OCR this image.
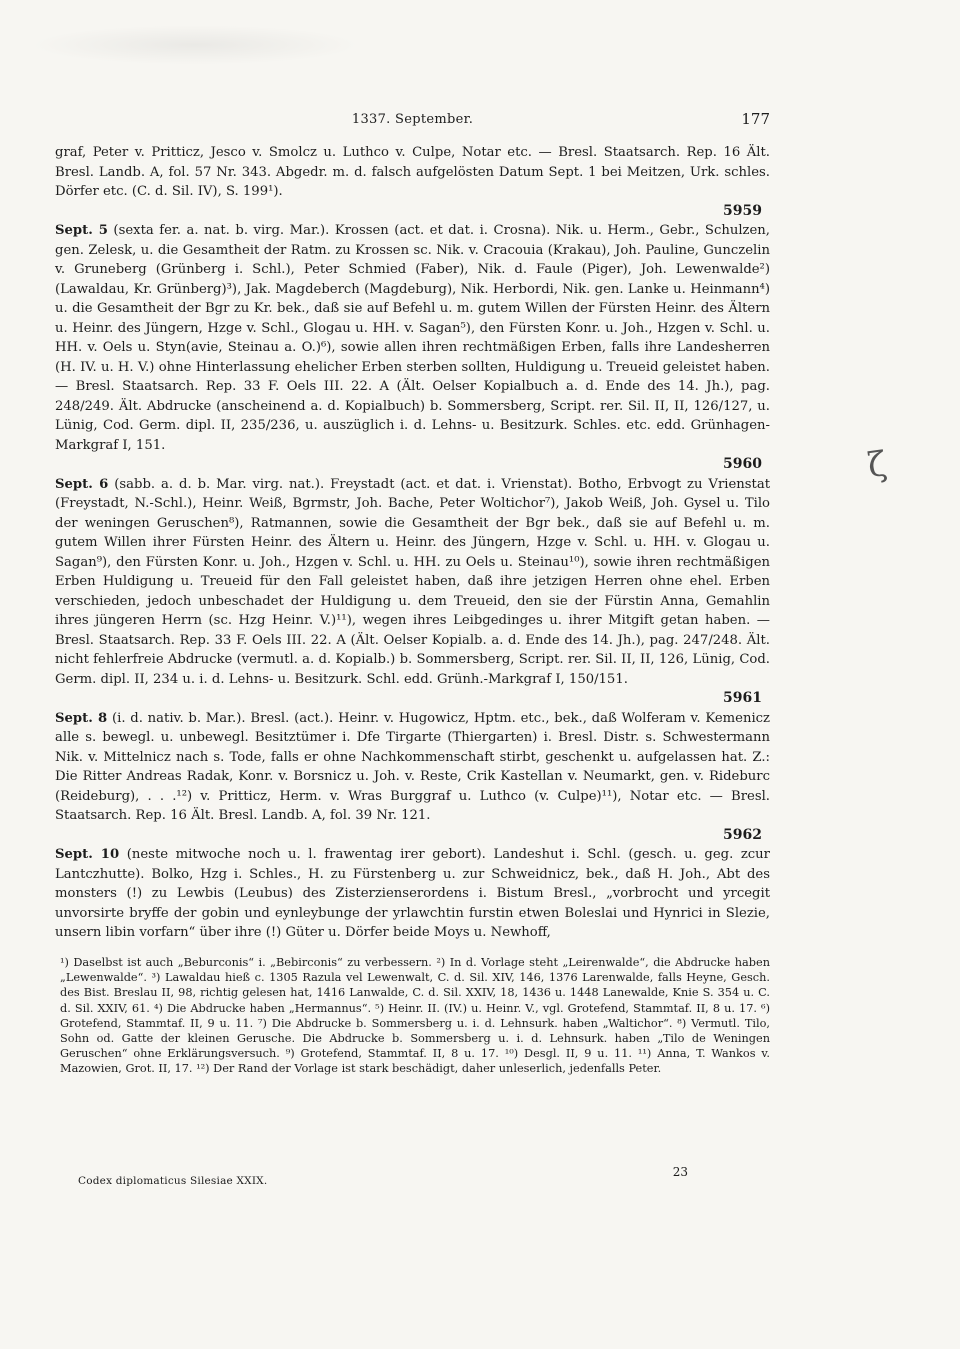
1337. September.	177
ζ

graf, Peter v. Pritticz, Jesco v. Smolcz u. Luthco v. Culpe, Notar etc. — Bresl. Staatsarch. Rep. 16 Ält. Bresl. Landb. A, fol. 57 Nr. 343. Abgedr. m. d. falsch aufgelösten Datum Sept. 1 bei Meitzen, Urk. schles. Dörfer etc. (C. d. Sil. IV), S. 199¹).
5959

Sept. 5 (sexta fer. a. nat. b. virg. Mar.). Krossen (act. et dat. i. Crosna). Nik. u. Herm., Gebr., Schulzen, gen. Zelesk, u. die Gesamtheit der Ratm. zu Krossen sc. Nik. v. Cracouia (Krakau), Joh. Pauline, Gunczelin v. Gruneberg (Grünberg i. Schl.), Peter Schmied (Faber), Nik. d. Faule (Piger), Joh. Lewenwalde²) (Lawaldau, Kr. Grünberg)³), Jak. Magdeberch (Magdeburg), Nik. Herbordi, Nik. gen. Lanke u. Heinmann⁴) u. die Gesamtheit der Bgr zu Kr. bek., daß sie auf Befehl u. m. gutem Willen der Fürsten Heinr. des Ältern u. Heinr. des Jüngern, Hzge v. Schl., Glogau u. HH. v. Sagan⁵), den Fürsten Konr. u. Joh., Hzgen v. Schl. u. HH. v. Oels u. Styn(avie, Steinau a. O.)⁶), sowie allen ihren rechtmäßigen Erben, falls ihre Landesherren (H. IV. u. H. V.) ohne Hinterlassung ehelicher Erben sterben sollten, Huldigung u. Treueid geleistet haben. — Bresl. Staatsarch. Rep. 33 F. Oels III. 22. A (Ält. Oelser Kopialbuch a. d. Ende des 14. Jh.), pag. 248/249. Ält. Abdrucke (anscheinend a. d. Kopialbuch) b. Sommersberg, Script. rer. Sil. II, II, 126/127, u. Lünig, Cod. Germ. dipl. II, 235/236, u. auszüglich i. d. Lehns- u. Besitzurk. Schles. etc. edd. Grünhagen-Markgraf I, 151.
5960

Sept. 6 (sabb. a. d. b. Mar. virg. nat.). Freystadt (act. et dat. i. Vrienstat). Botho, Erbvogt zu Vrienstat (Freystadt, N.-Schl.), Heinr. Weiß, Bgrmstr, Joh. Bache, Peter Woltichor⁷), Jakob Weiß, Joh. Gysel u. Tilo der weningen Geruschen⁸), Ratmannen, sowie die Gesamtheit der Bgr bek., daß sie auf Befehl u. m. gutem Willen ihrer Fürsten Heinr. des Ältern u. Heinr. des Jüngern, Hzge v. Schl. u. HH. v. Glogau u. Sagan⁹), den Fürsten Konr. u. Joh., Hzgen v. Schl. u. HH. zu Oels u. Steinau¹⁰), sowie ihren rechtmäßigen Erben Huldigung u. Treueid für den Fall geleistet haben, daß ihre jetzigen Herren ohne ehel. Erben verschieden, jedoch unbeschadet der Huldigung u. dem Treueid, den sie der Fürstin Anna, Gemahlin ihres jüngeren Herrn (sc. Hzg Heinr. V.)¹¹), wegen ihres Leibgedinges u. ihrer Mitgift getan haben. — Bresl. Staatsarch. Rep. 33 F. Oels III. 22. A (Ält. Oelser Kopialb. a. d. Ende des 14. Jh.), pag. 247/248. Ält. nicht fehlerfreie Abdrucke (vermutl. a. d. Kopialb.) b. Sommersberg, Script. rer. Sil. II, II, 126, Lünig, Cod. Germ. dipl. II, 234 u. i. d. Lehns- u. Besitzurk. Schl. edd. Grünh.-Markgraf I, 150/151.
5961

Sept. 8 (i. d. nativ. b. Mar.). Bresl. (act.). Heinr. v. Hugowicz, Hptm. etc., bek., daß Wolferam v. Kemenicz alle s. bewegl. u. unbewegl. Besitztümer i. Dfe Tirgarte (Thiergarten) i. Bresl. Distr. s. Schwestermann Nik. v. Mittelnicz nach s. Tode, falls er ohne Nachkommenschaft stirbt, geschenkt u. aufgelassen hat. Z.: Die Ritter Andreas Radak, Konr. v. Borsnicz u. Joh. v. Reste, Crik Kastellan v. Neumarkt, gen. v. Rideburc (Reideburg), . . .¹²) v. Pritticz, Herm. v. Wras Burggraf u. Luthco (v. Culpe)¹¹), Notar etc. — Bresl. Staatsarch. Rep. 16 Ält. Bresl. Landb. A, fol. 39 Nr. 121.
5962

Sept. 10 (neste mitwoche noch u. l. frawentag irer gebort). Landeshut i. Schl. (gesch. u. geg. zcur Lantczhutte). Bolko, Hzg i. Schles., H. zu Fürstenberg u. zur Schweidnicz, bek., daß H. Joh., Abt des monsters (!) zu Lewbis (Leubus) des Zisterzienserordens i. Bistum Bresl., „vorbrocht und yrcegit unvorsirte bryffe der gobin und eynleybunge der yrlawchtin furstin etwen Boleslai und Hynrici in Slezie, unsern libin vorfarn“ über ihre (!) Güter u. Dörfer beide Moys u. Newhoff,

¹) Daselbst ist auch „Beburconis“ i. „Bebirconis“ zu verbessern. ²) In d. Vorlage steht „Leirenwalde“, die Abdrucke haben „Lewenwalde“. ³) Lawaldau hieß c. 1305 Razula vel Lewenwalt, C. d. Sil. XIV, 146, 1376 Larenwalde, falls Heyne, Gesch. des Bist. Breslau II, 98, richtig gelesen hat, 1416 Lanwalde, C. d. Sil. XXIV, 18, 1436 u. 1448 Lanewalde, Knie S. 354 u. C. d. Sil. XXIV, 61. ⁴) Die Abdrucke haben „Hermannus“. ⁵) Heinr. II. (IV.) u. Heinr. V., vgl. Grotefend, Stammtaf. II, 8 u. 17. ⁶) Grotefend, Stammtaf. II, 9 u. 11. ⁷) Die Abdrucke b. Sommersberg u. i. d. Lehnsurk. haben „Waltichor“. ⁸) Vermutl. Tilo, Sohn od. Gatte der kleinen Gerusche. Die Abdrucke b. Sommersberg u. i. d. Lehnsurk. haben „Tilo de Weningen Geruschen“ ohne Erklärungsversuch. ⁹) Grotefend, Stammtaf. II, 8 u. 17. ¹⁰) Desgl. II, 9 u. 11. ¹¹) Anna, T. Wankos v. Mazowien, Grot. II, 17. ¹²) Der Rand der Vorlage ist stark beschädigt, daher unleserlich, jedenfalls Peter.

Codex diplomaticus Silesiae XXIX.
23
